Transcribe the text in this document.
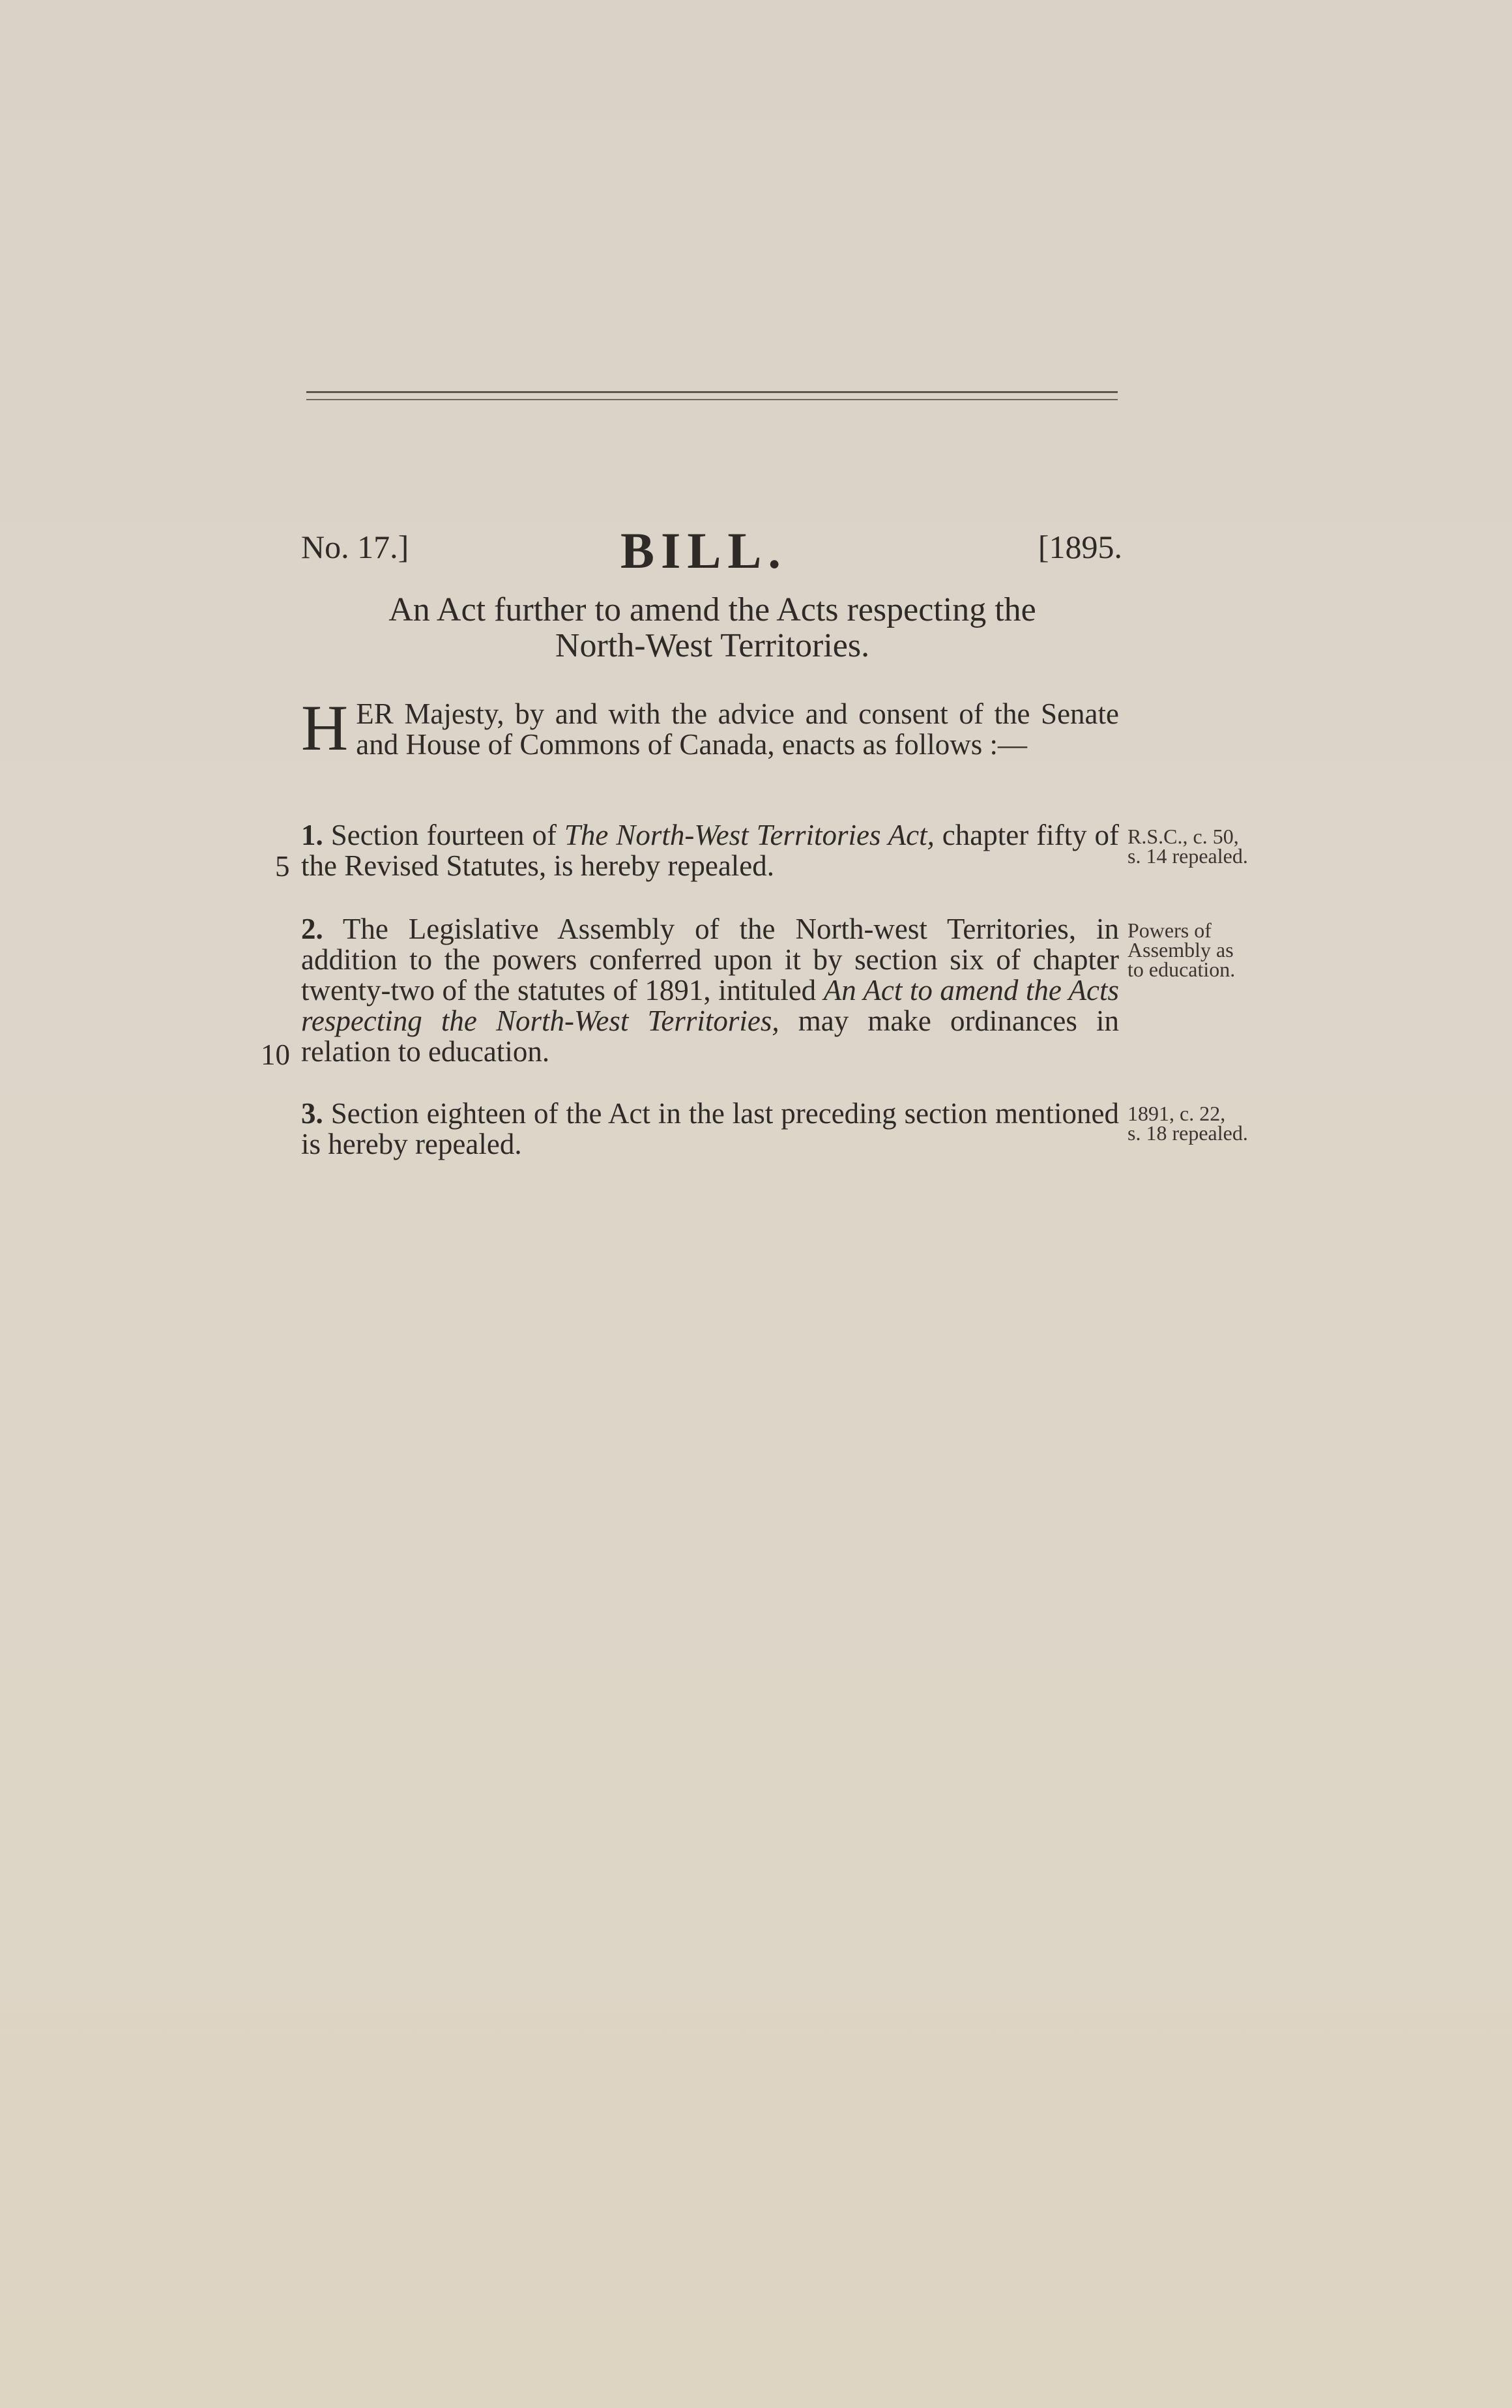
No. 17.]	BILL.	[1895.
An Act further to amend the Acts respecting the
North-West Territories.
H ER Majesty, by and with the advice and consent of the Senate and House of Commons of Canada, enacts as follows :—

1. Section fourteen of The North-West Territories Act, chapter fifty of the Revised Statutes, is hereby repealed.

5
R.S.C., c. 50,
s. 14 repealed.

2. The Legislative Assembly of the North-west Territories, in addition to the powers conferred upon it by section six of chapter twenty-two of the statutes of 1891, intituled An Act to amend the Acts respecting the North-West Territories, may make ordinances in relation to education.

10
Powers of
Assembly as
to education.

3. Section eighteen of the Act in the last preceding section mentioned is hereby repealed.

1891, c. 22,
s. 18 repealed.
